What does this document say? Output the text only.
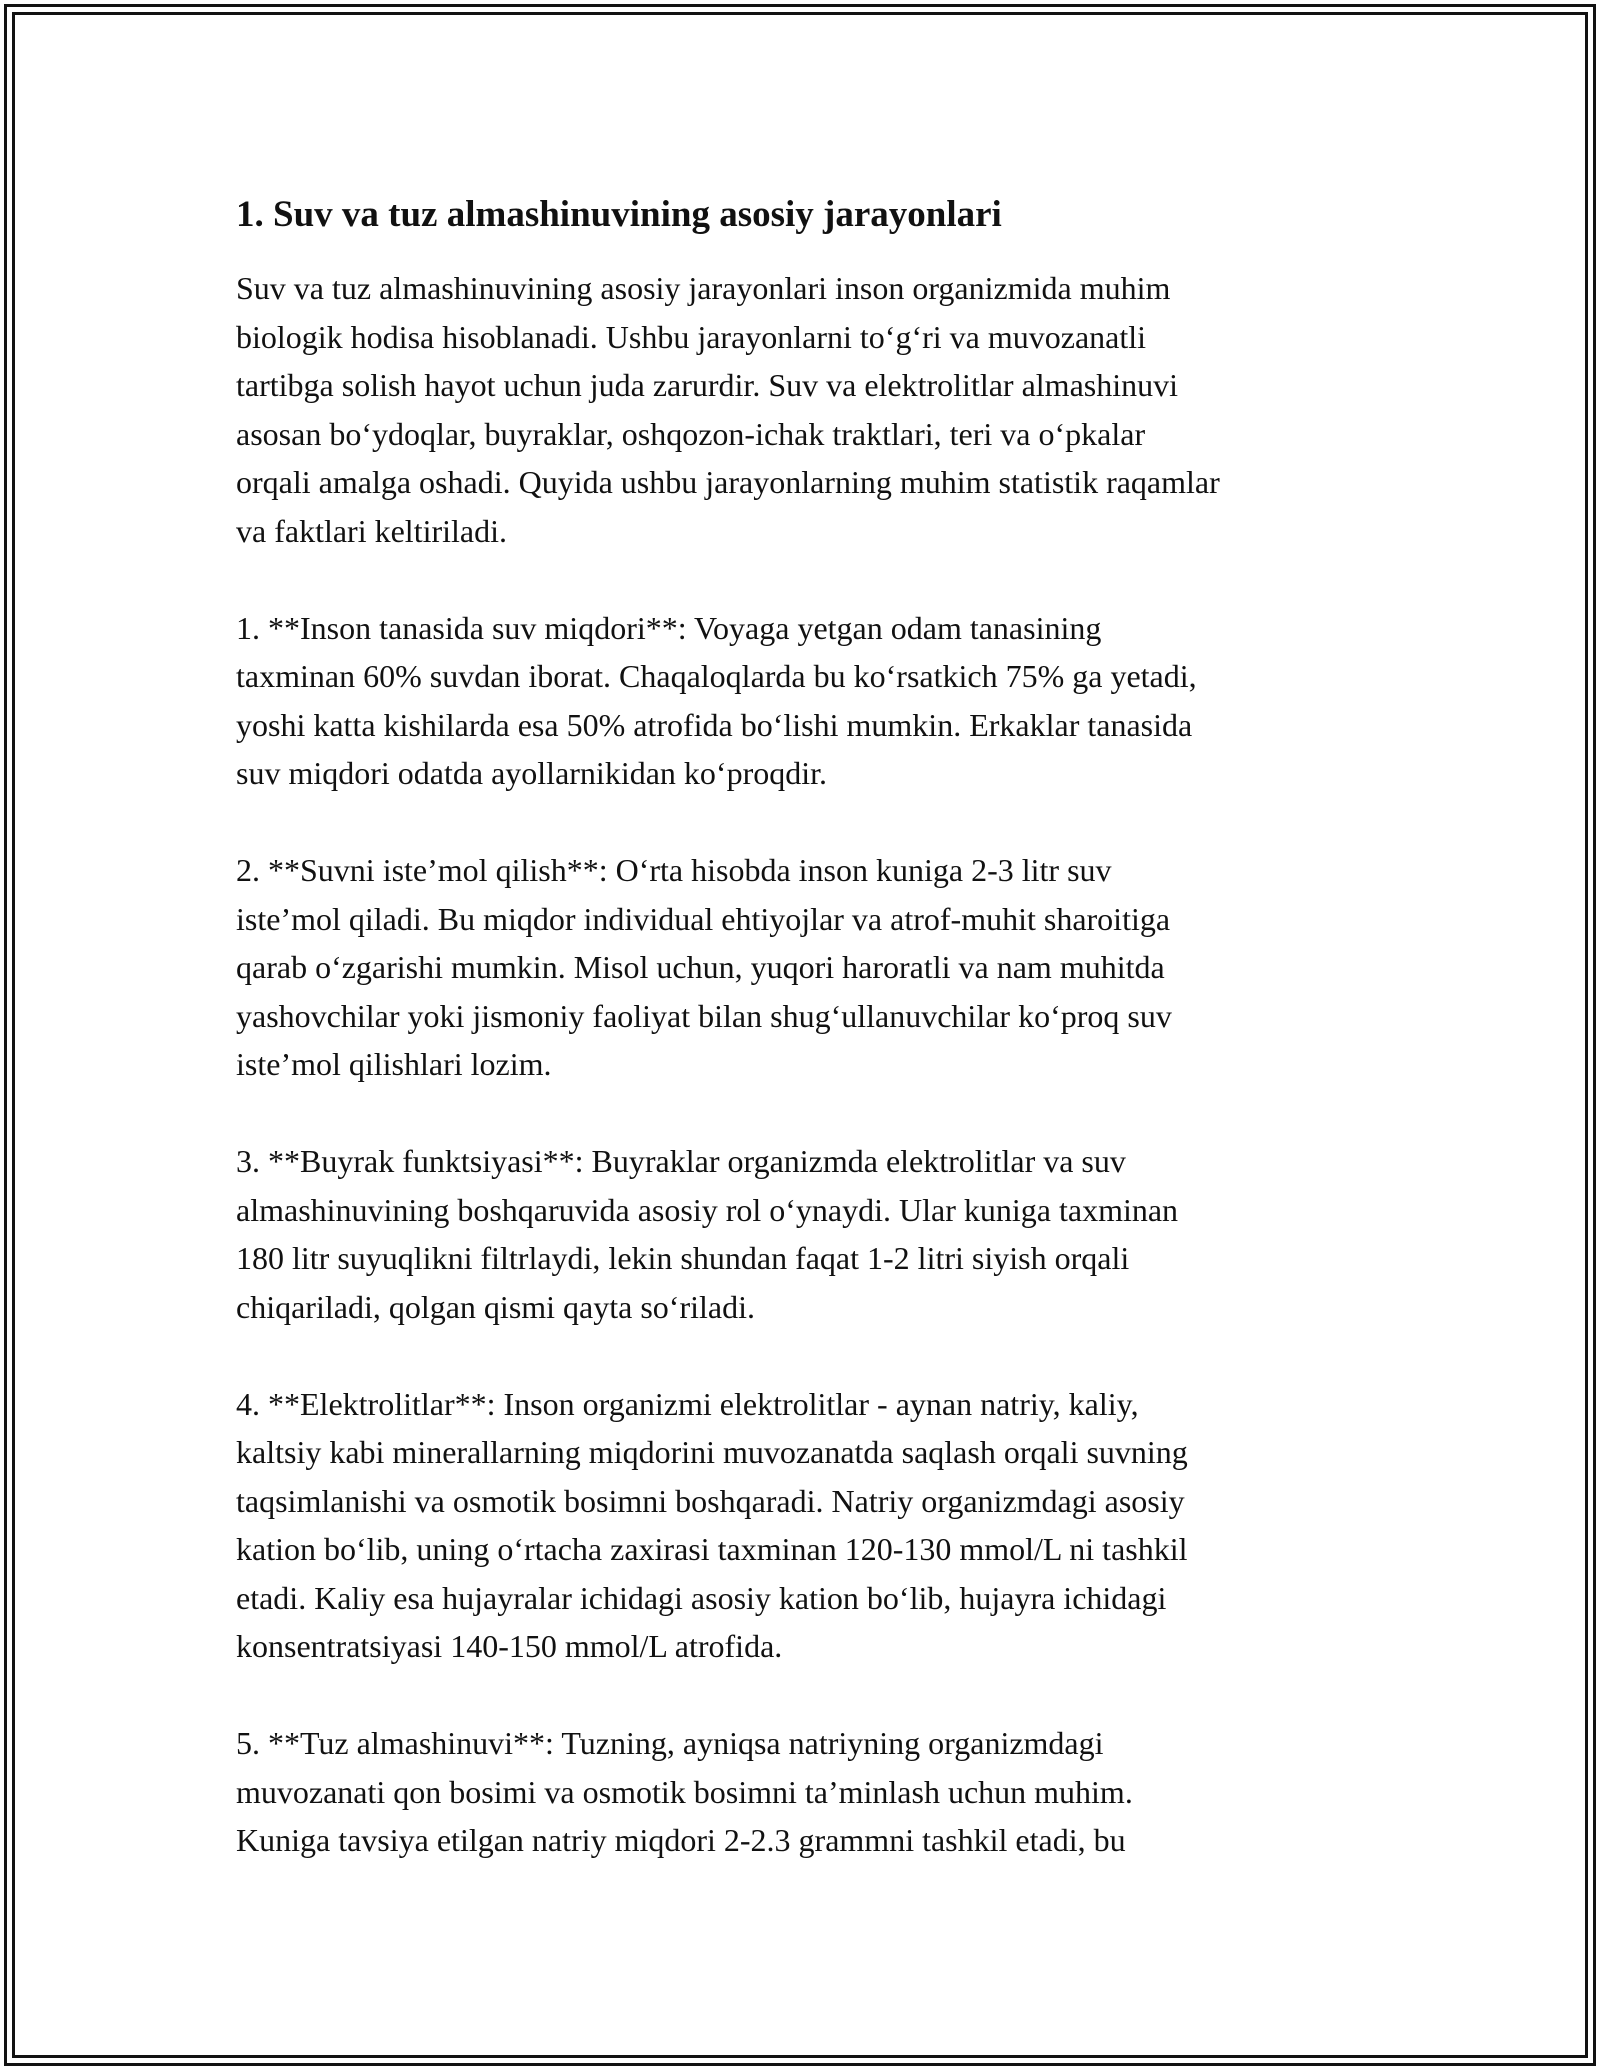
1. Suv va tuz almashinuvining asosiy jarayonlari
Suv va tuz almashinuvining asosiy jarayonlari inson organizmida muhim
biologik hodisa hisoblanadi. Ushbu jarayonlarni to‘g‘ri va muvozanatli
tartibga solish hayot uchun juda zarurdir. Suv va elektrolitlar almashinuvi
asosan bo‘ydoqlar, buyraklar, oshqozon-ichak traktlari, teri va o‘pkalar
orqali amalga oshadi. Quyida ushbu jarayonlarning muhim statistik raqamlar
va faktlari keltiriladi.
1. **Inson tanasida suv miqdori**: Voyaga yetgan odam tanasining
taxminan 60% suvdan iborat. Chaqaloqlarda bu ko‘rsatkich 75% ga yetadi,
yoshi katta kishilarda esa 50% atrofida bo‘lishi mumkin. Erkaklar tanasida
suv miqdori odatda ayollarnikidan ko‘proqdir.
2. **Suvni iste’mol qilish**: O‘rta hisobda inson kuniga 2-3 litr suv
iste’mol qiladi. Bu miqdor individual ehtiyojlar va atrof-muhit sharoitiga
qarab o‘zgarishi mumkin. Misol uchun, yuqori haroratli va nam muhitda
yashovchilar yoki jismoniy faoliyat bilan shug‘ullanuvchilar ko‘proq suv
iste’mol qilishlari lozim.
3. **Buyrak funktsiyasi**: Buyraklar organizmda elektrolitlar va suv
almashinuvining boshqaruvida asosiy rol o‘ynaydi. Ular kuniga taxminan
180 litr suyuqlikni filtrlaydi, lekin shundan faqat 1-2 litri siyish orqali
chiqariladi, qolgan qismi qayta so‘riladi.
4. **Elektrolitlar**: Inson organizmi elektrolitlar - aynan natriy, kaliy,
kaltsiy kabi minerallarning miqdorini muvozanatda saqlash orqali suvning
taqsimlanishi va osmotik bosimni boshqaradi. Natriy organizmdagi asosiy
kation bo‘lib, uning o‘rtacha zaxirasi taxminan 120-130 mmol/L ni tashkil
etadi. Kaliy esa hujayralar ichidagi asosiy kation bo‘lib, hujayra ichidagi
konsentratsiyasi 140-150 mmol/L atrofida.
5. **Tuz almashinuvi**: Tuzning, ayniqsa natriyning organizmdagi
muvozanati qon bosimi va osmotik bosimni ta’minlash uchun muhim.
Kuniga tavsiya etilgan natriy miqdori 2-2.3 grammni tashkil etadi, bu
